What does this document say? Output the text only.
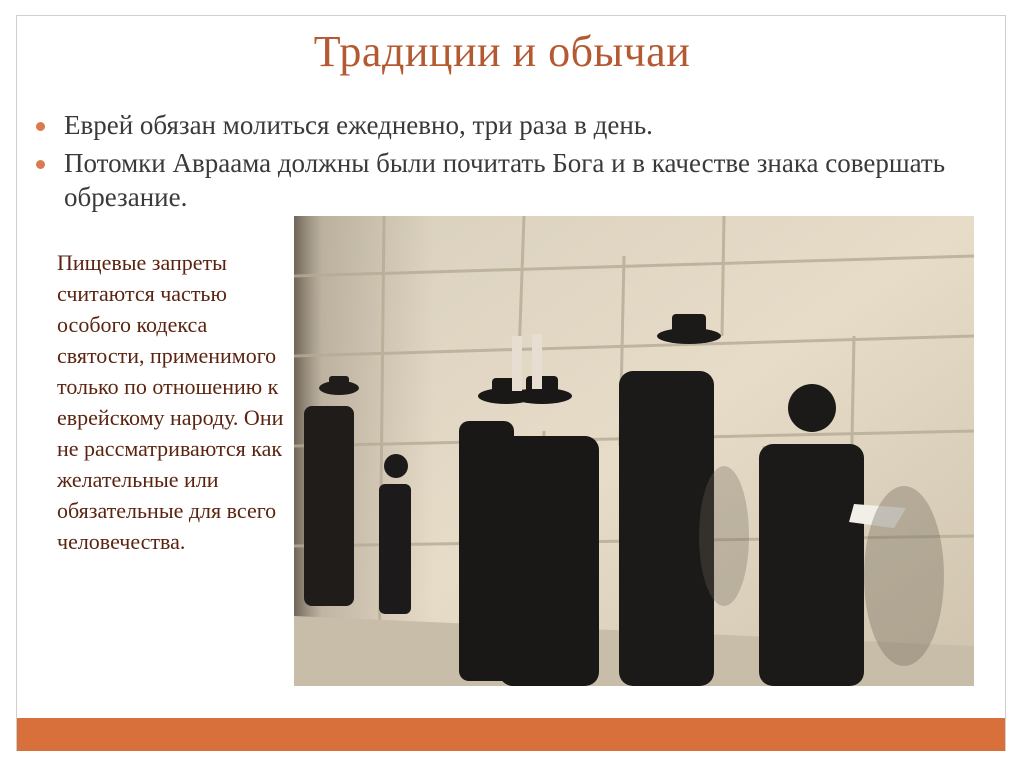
Традиции и обычаи
Еврей обязан молиться ежедневно, три раза в день.
Потомки Авраама должны были почитать Бога и в качестве знака совершать обрезание.
Пищевые запреты считаются частью особого кодекса святости, применимого только по отношению к еврейскому народу. Они не рассматриваются как желательные или обязательные для всего человечества.
